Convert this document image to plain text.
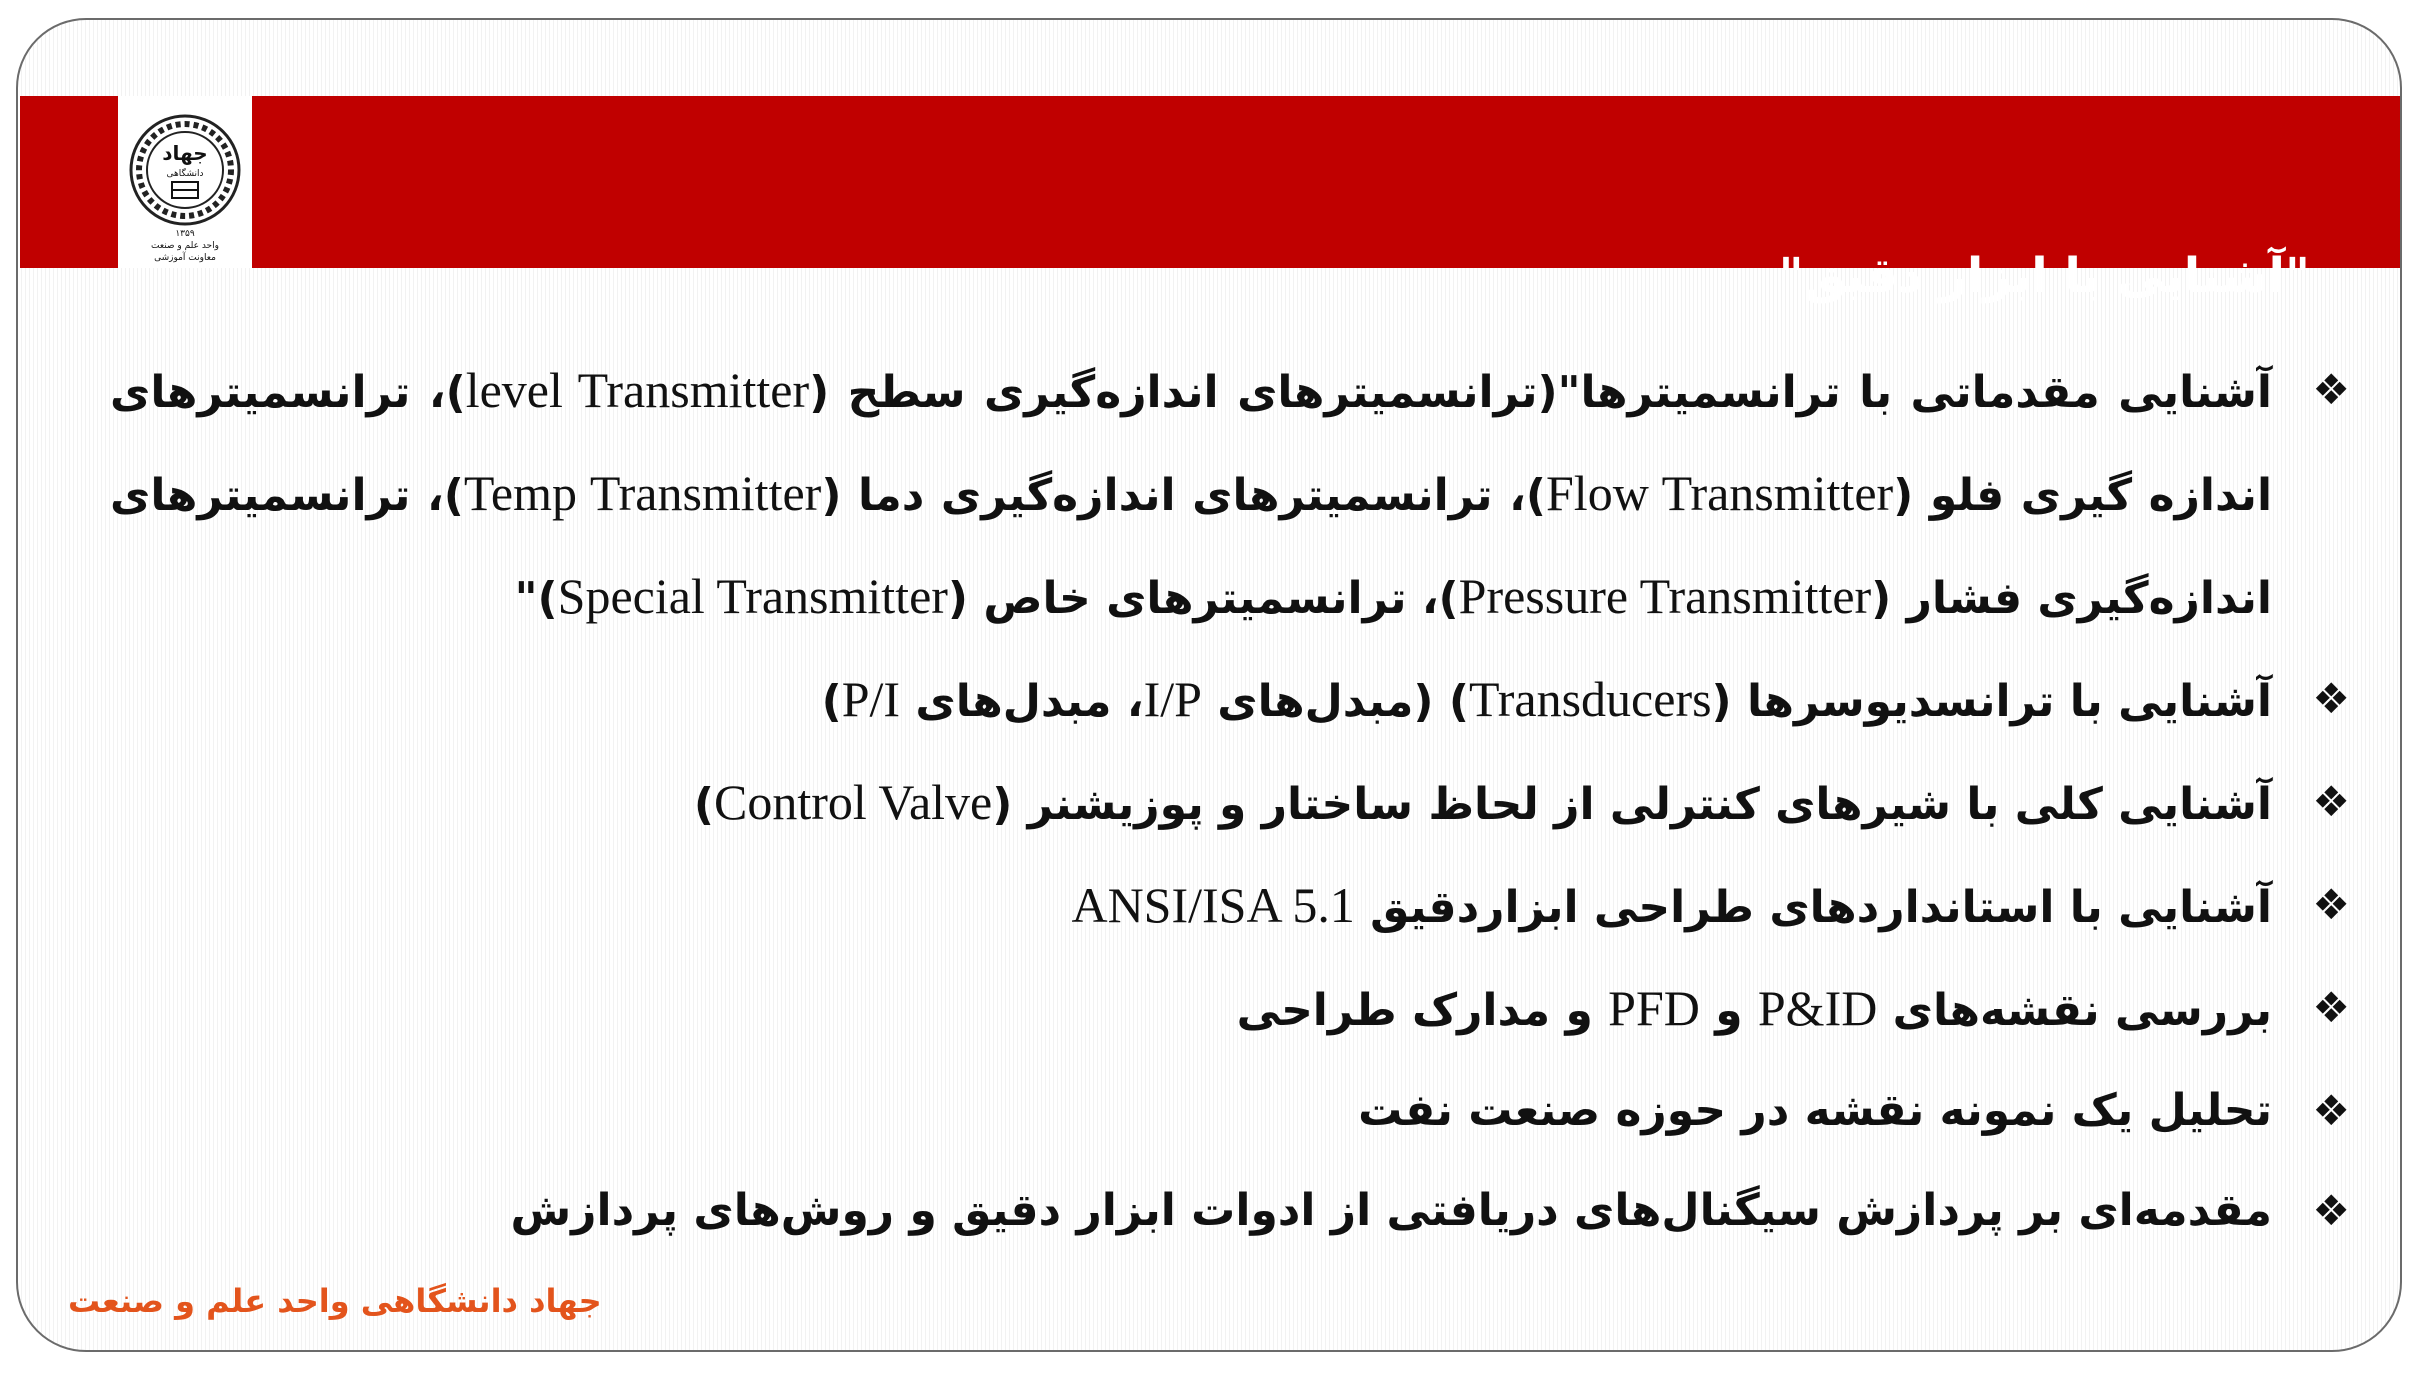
"آشنایی با ابزار دقیق"
جهاد
دانشگاهی
۱۳۵۹
واحد علم و صنعت
معاونت آموزشی
❖
آشنایی مقدماتی با ترانسمیترها"(ترانسمیترهای اندازه‌گیری سطح (level Transmitter)، ترانسمیترهای اندازه گیری فلو (Flow Transmitter)، ترانسمیترهای اندازه‌گیری دما (Temp Transmitter)، ترانسمیترهای اندازه‌گیری فشار (Pressure Transmitter)، ترانسمیترهای خاص (Special Transmitter)"
❖
آشنایی با ترانسدیوسرها (Transducers) (مبدل‌های I/P، مبدل‌های P/I)
❖
آشنایی کلی با شیرهای کنترلی از لحاظ ساختار و پوزیشنر (Control Valve)
❖
آشنایی با استانداردهای طراحی ابزاردقیق ANSI/ISA 5.1
❖
بررسی نقشه‌های P&ID و PFD و مدارک طراحی
❖
تحلیل یک نمونه نقشه در حوزه صنعت نفت
❖
مقدمه‌ای بر پردازش سیگنال‌های دریافتی از ادوات ابزار دقیق و روش‌های پردازش
جهاد دانشگاهی واحد علم و صنعت
